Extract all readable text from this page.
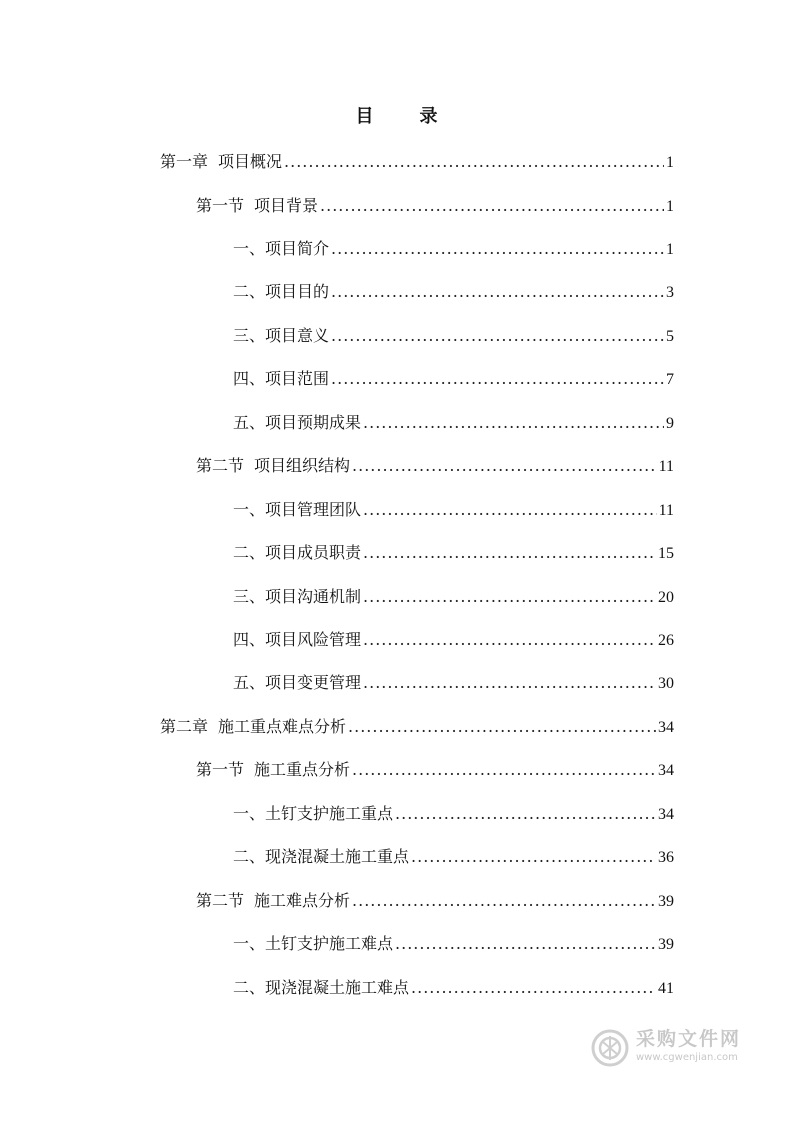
目　录
第一章 项目概况 .....	1
第一节 项目背景 .....	1
一、项目简介 .....	1
二、项目目的 .....	3
三、项目意义 .....	5
四、项目范围 .....	7
五、项目预期成果 .....	9
第二节 项目组织结构 .....	11
一、项目管理团队 .....	11
二、项目成员职责 .....	15
三、项目沟通机制 .....	20
四、项目风险管理 .....	26
五、项目变更管理 .....	30
第二章 施工重点难点分析 .....	34
第一节 施工重点分析 .....	34
一、土钉支护施工重点 .....	34
二、现浇混凝土施工重点 .....	36
第二节 施工难点分析 .....	39
一、土钉支护施工难点 .....	39
二、现浇混凝土施工难点 .....	41
采购文件网
www.cgwenjian.com
